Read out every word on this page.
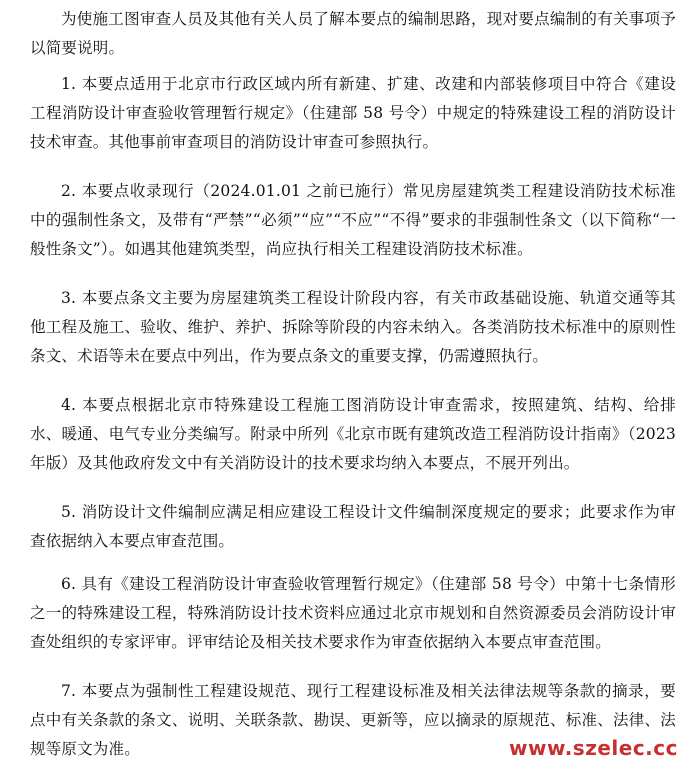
为使施工图审查人员及其他有关人员了解本要点的编制思路，现对要点编制的有关事项予以简要说明。

1. 本要点适用于北京市行政区域内所有新建、扩建、改建和内部装修项目中符合《建设工程消防设计审查验收管理暂行规定》（住建部 58 号令）中规定的特殊建设工程的消防设计技术审查。其他事前审查项目的消防设计审查可参照执行。

2. 本要点收录现行（2024.01.01 之前已施行）常见房屋建筑类工程建设消防技术标准中的强制性条文，及带有“严禁”“必须”“应”“不应”“不得”要求的非强制性条文（以下简称“一般性条文”）。如遇其他建筑类型，尚应执行相关工程建设消防技术标准。

3. 本要点条文主要为房屋建筑类工程设计阶段内容，有关市政基础设施、轨道交通等其他工程及施工、验收、维护、养护、拆除等阶段的内容未纳入。各类消防技术标准中的原则性条文、术语等未在要点中列出，作为要点条文的重要支撑，仍需遵照执行。

4. 本要点根据北京市特殊建设工程施工图消防设计审查需求，按照建筑、结构、给排水、暖通、电气专业分类编写。附录中所列《北京市既有建筑改造工程消防设计指南》（2023 年版）及其他政府发文中有关消防设计的技术要求均纳入本要点，不展开列出。

5. 消防设计文件编制应满足相应建设工程设计文件编制深度规定的要求；此要求作为审查依据纳入本要点审查范围。

6. 具有《建设工程消防设计审查验收管理暂行规定》（住建部 58 号令）中第十七条情形之一的特殊建设工程，特殊消防设计技术资料应通过北京市规划和自然资源委员会消防设计审查处组织的专家评审。评审结论及相关技术要求作为审查依据纳入本要点审查范围。

7. 本要点为强制性工程建设规范、现行工程建设标准及相关法律法规等条款的摘录，要点中有关条款的条文、说明、关联条款、勘误、更新等，应以摘录的原规范、标准、法律、法规等原文为准。	www.szelec.cc
